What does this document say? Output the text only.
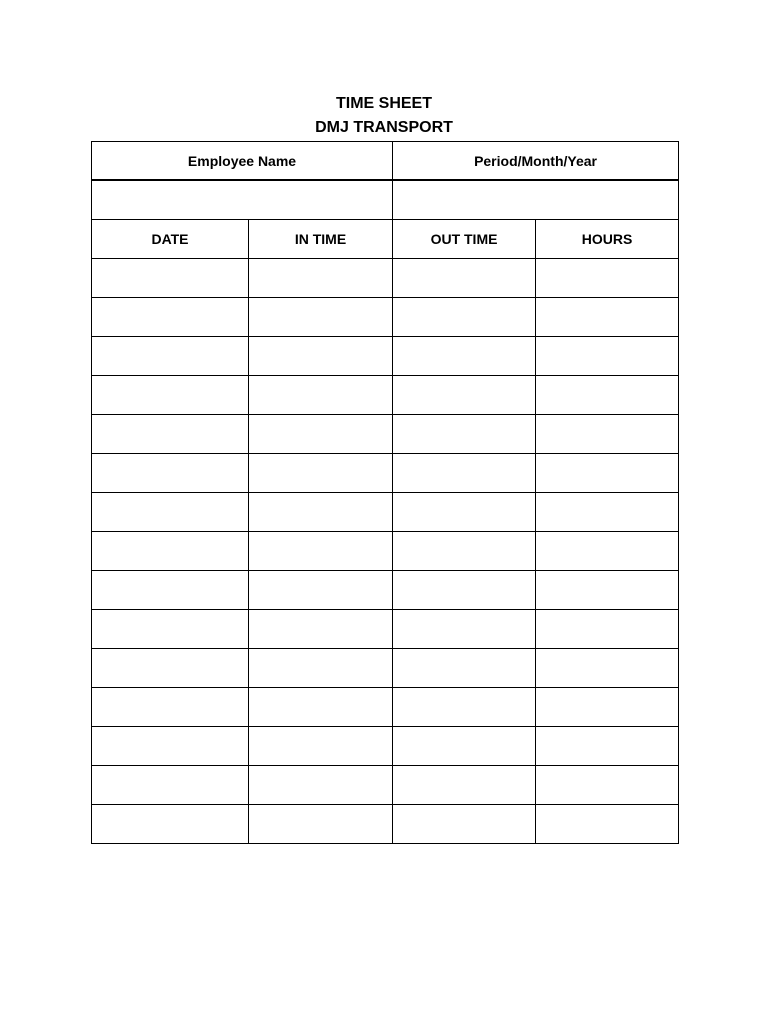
TIME SHEET

DMJ TRANSPORT

Employee Name		Period/Month/Year	

DATE	IN TIME	OUT TIME	HOURS
